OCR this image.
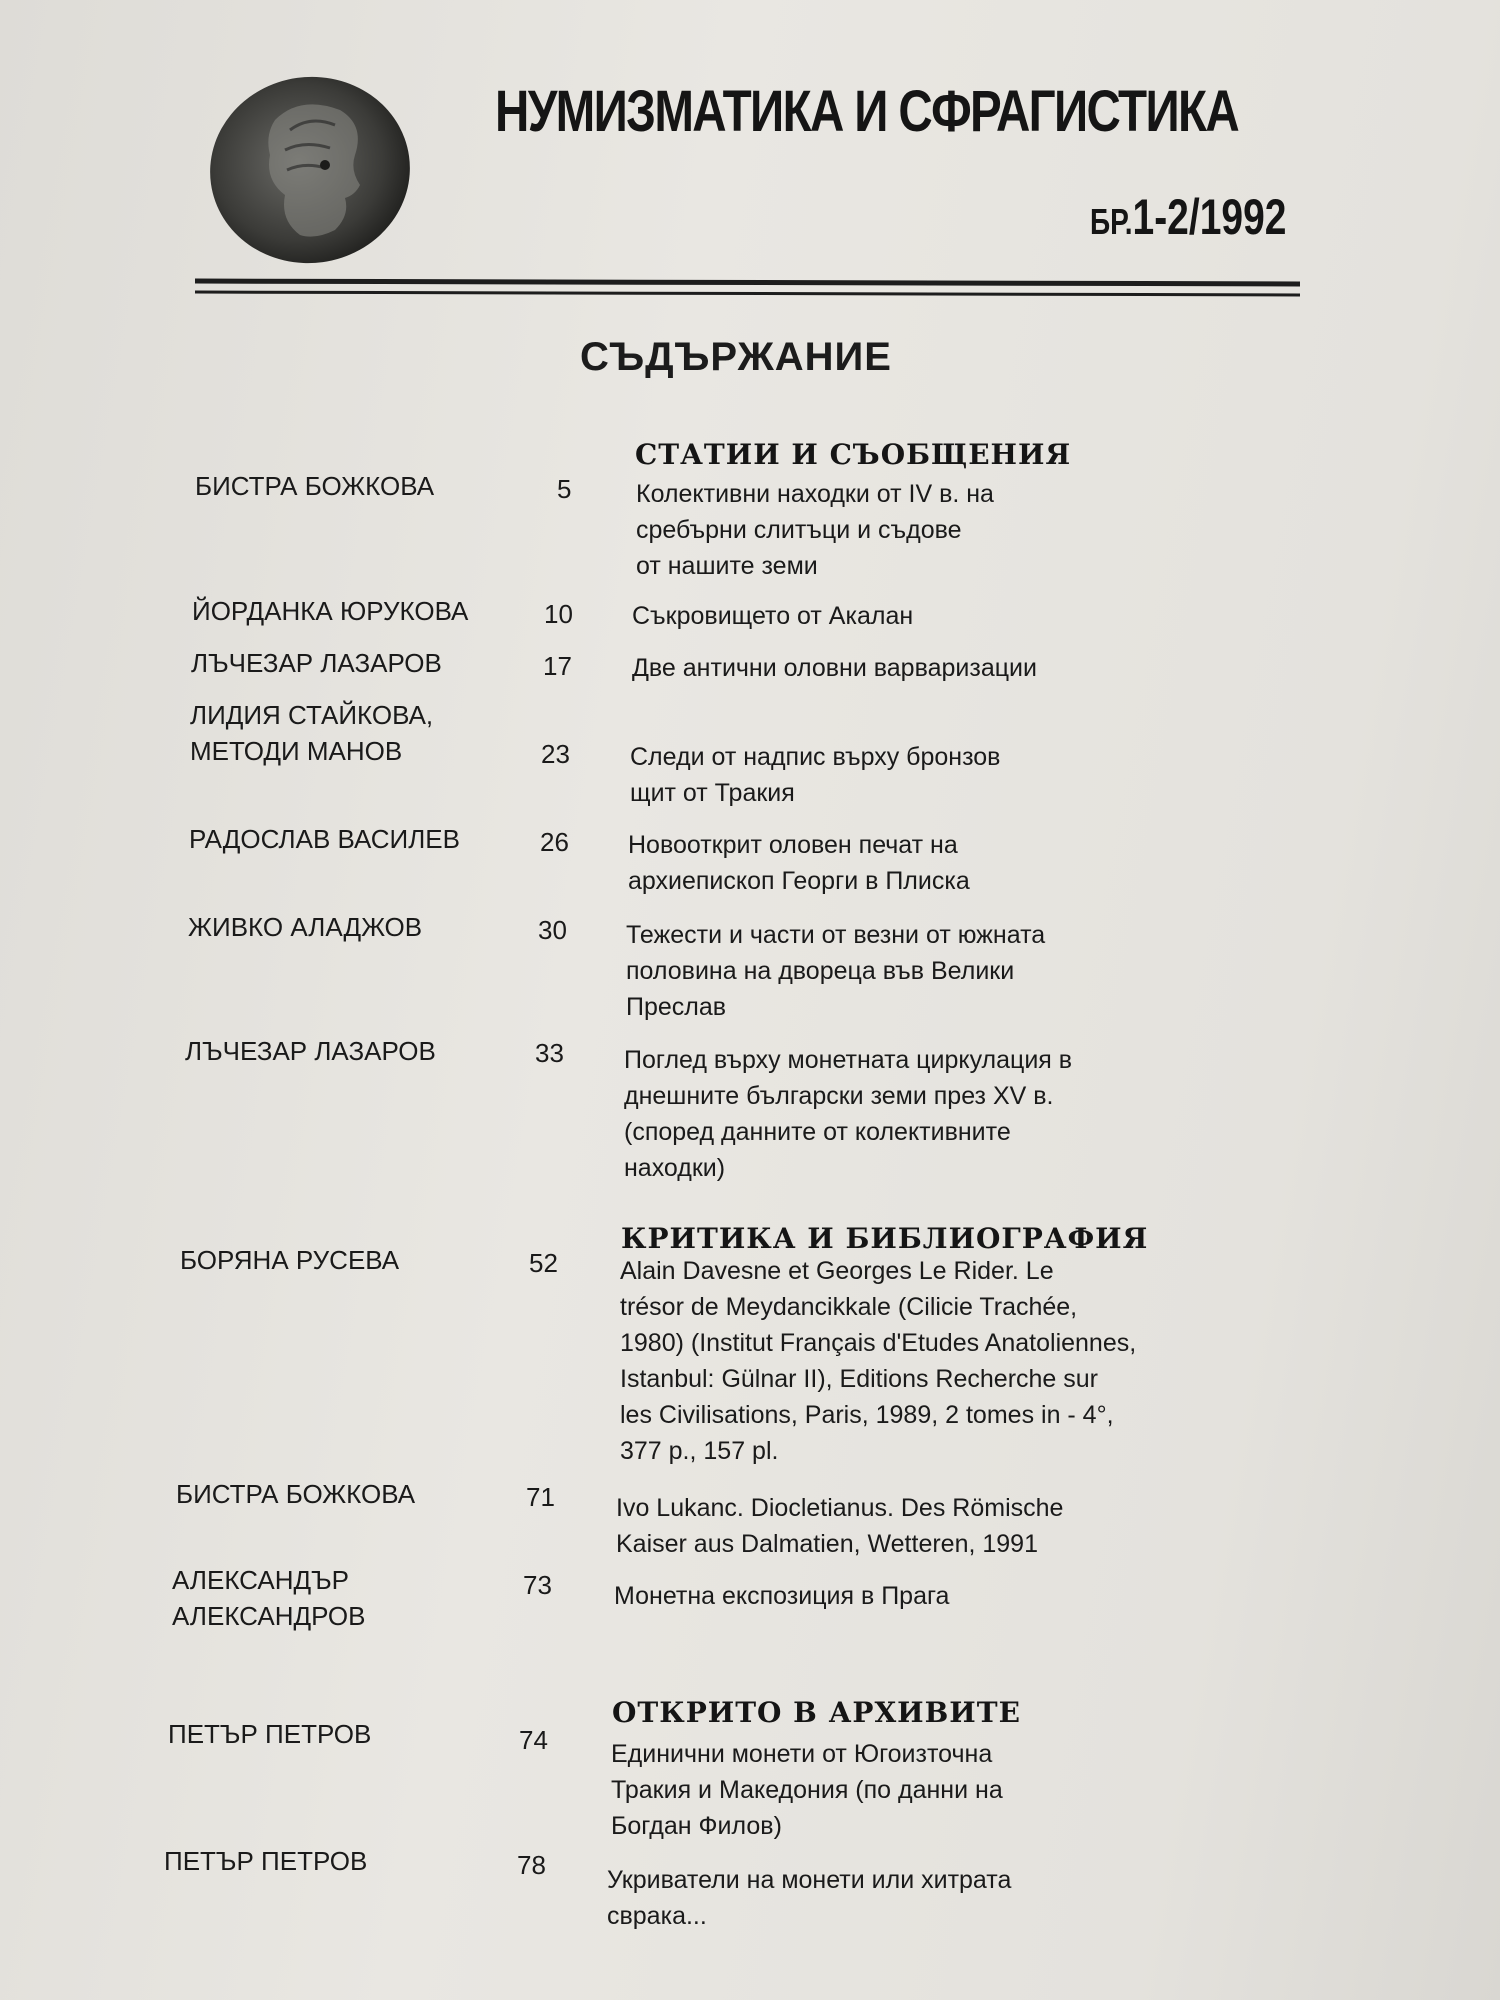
НУМИЗМАТИКА И СФРАГИСТИКА
БР.1-2/1992
СЪДЪРЖАНИЕ
СТАТИИ И СЪОБЩЕНИЯ
КРИТИКА И БИБЛИОГРАФИЯ
ОТКРИТО В АРХИВИТЕ
БИСТРА БОЖКОВА	5	Колективни находки от IV в. на
сребърни слитъци и съдове
от нашите земи
ЙОРДАНКА ЮРУКОВА	10 Съкровището от Акалан
ЛЪЧЕЗАР ЛАЗАРОВ	17 Две антични оловни варваризации
ЛИДИЯ СТАЙКОВА,
МЕТОДИ МАНОВ	23 Следи от надпис върху бронзов
щит от Тракия
РАДОСЛАВ ВАСИЛЕВ	26 Новооткрит оловен печат на
архиепископ Георги в Плиска
ЖИВКО АЛАДЖОВ	30 Тежести и части от везни от южната
половина на двореца във Велики
Преслав
ЛЪЧЕЗАР ЛАЗАРОВ	33 Поглед върху монетната циркулация в
днешните български земи през XV в.
(според данните от колективните
находки)
БОРЯНА РУСЕВА	52 Alain Davesne et Georges Le Rider. Le
trésor de Meydancikkale (Cilicie Trachée,
1980) (Institut Français d'Etudes Anatoliennes,
Istanbul: Gülnar II), Editions Recherche sur
les Civilisations, Paris, 1989, 2 tomes in - 4°,
377 p., 157 pl.
БИСТРА БОЖКОВА	71 Ivo Lukanc. Diocletianus. Des Römische
Kaiser aus Dalmatien, Wetteren, 1991
АЛЕКСАНДЪР
АЛЕКСАНДРОВ
73 Монетна експозиция в Прага
ПЕТЪР ПЕТРОВ	74	Единични монети от Югоизточна
Тракия и Македония (по данни на
Богдан Филов)
ПЕТЪР ПЕТРОВ	78 Укриватели на монети или хитрата
сврака...
